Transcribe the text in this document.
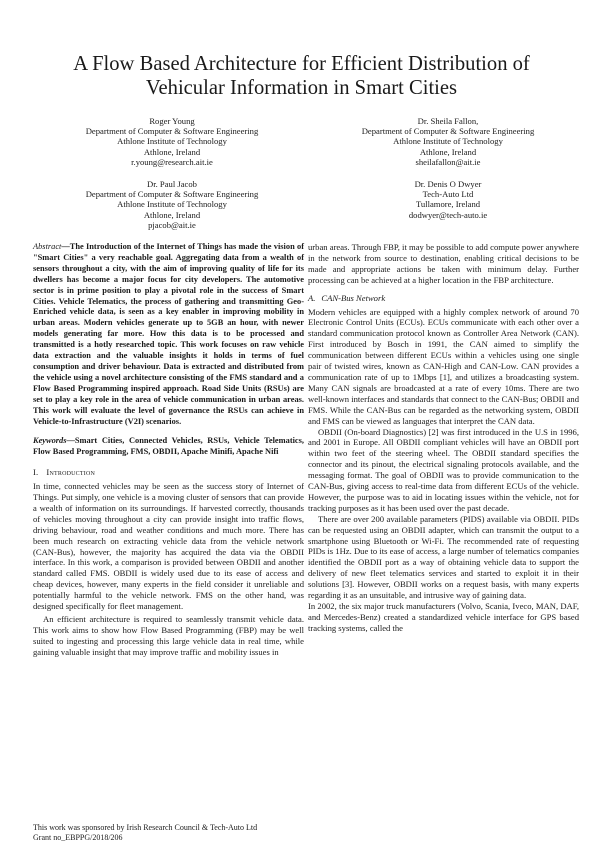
A Flow Based Architecture for Efficient Distribution of
Vehicular Information in Smart Cities
Roger Young
Department of Computer & Software Engineering
Athlone Institute of Technology
Athlone, Ireland
r.young@research.ait.ie
Dr. Sheila Fallon,
Department of Computer & Software Engineering
Athlone Institute of Technology
Athlone, Ireland
sheilafallon@ait.ie
Dr. Paul Jacob
Department of Computer & Software Engineering
Athlone Institute of Technology
Athlone, Ireland
pjacob@ait.ie
Dr. Denis O Dwyer
Tech-Auto Ltd
Tullamore, Ireland
dodwyer@tech-auto.ie

Abstract—The Introduction of the Internet of Things has made the vision of "Smart Cities" a very reachable goal. Aggregating data from a wealth of sensors throughout a city, with the aim of improving quality of life for its dwellers has become a major focus for city developers. The automotive sector is in prime position to play a pivotal role in the success of Smart Cities. Vehicle Telematics, the process of gathering and transmitting Geo-Enriched vehicle data, is seen as a key enabler in improving mobility in urban areas. Modern vehicles generate up to 5GB an hour, with newer models generating far more. How this data is to be processed and transmitted is a hotly researched topic. This work focuses on raw vehicle data extraction and the valuable insights it holds in terms of fuel consumption and driver behaviour. Data is extracted and distributed from the vehicle using a novel architecture consisting of the FMS standard and a Flow Based Programming inspired approach. Road Side Units (RSUs) are set to play a key role in the area of vehicle communication in urban areas. This work will evaluate the level of governance the RSUs can achieve in Vehicle-to-Infrastructure (V2I) scenarios.

Keywords—Smart Cities, Connected Vehicles, RSUs, Vehicle Telematics, Flow Based Programming, FMS, OBDII, Apache Minifi, Apache Nifi

I. Introduction

In time, connected vehicles may be seen as the success story of Internet of Things. Put simply, one vehicle is a moving cluster of sensors that can provide a wealth of information on its surroundings. If harvested correctly, thousands of vehicles moving throughout a city can provide insight into traffic flows, driving behaviour, road and weather conditions and much more. There has been much research on extracting vehicle data from the vehicle network (CAN-Bus), however, the majority has acquired the data via the OBDII interface. In this work, a comparison is provided between OBDII and another standard called FMS. OBDII is widely used due to its ease of access and cheap devices, however, many experts in the field consider it unreliable and potentially harmful to the vehicle network. FMS on the other hand, was designed specifically for fleet management.

An efficient architecture is required to seamlessly transmit vehicle data. This work aims to show how Flow Based Programming (FBP) may be well suited to ingesting and processing this large vehicle data in real time, while gaining valuable insight that may improve traffic and mobility issues in

urban areas. Through FBP, it may be possible to add compute power anywhere in the network from source to destination, enabling critical decisions to be made and appropriate actions be taken with minimum delay. Further processing can be achieved at a higher location in the FBP architecture.

A. CAN-Bus Network

Modern vehicles are equipped with a highly complex network of around 70 Electronic Control Units (ECUs). ECUs communicate with each other over a standard communication protocol known as Controller Area Network (CAN). First introduced by Bosch in 1991, the CAN aimed to simplify the communication between different ECUs within a vehicles using one single pair of twisted wires, known as CAN-High and CAN-Low. CAN provides a communication rate of up to 1Mbps [1], and utilizes a broadcasting system. Many CAN signals are broadcasted at a rate of every 10ms. There are two well-known interfaces and standards that connect to the CAN-Bus; OBDII and FMS. While the CAN-Bus can be regarded as the networking system, OBDII and FMS can be viewed as languages that interpret the CAN data.

OBDII (On-board Diagnostics) [2] was first introduced in the U.S in 1996, and 2001 in Europe. All OBDII compliant vehicles will have an OBDII port within two feet of the steering wheel. The OBDII standard specifies the connector and its pinout, the electrical signaling protocols available, and the messaging format. The goal of OBDII was to provide communication to the CAN-Bus, giving access to real-time data from different ECUs of the vehicle. However, the purpose was to aid in locating issues within the vehicle, not for tracking purposes as it has been used over the past decade.

There are over 200 available parameters (PIDS) available via OBDII. PIDs can be requested using an OBDII adapter, which can transmit the output to a smartphone using Bluetooth or Wi-Fi. The recommended rate of requesting PIDs is 1Hz. Due to its ease of access, a large number of telematics companies identified the OBDII port as a way of obtaining vehicle data to support the delivery of new fleet telematics services and started to exploit it in their solutions [3]. However, OBDII works on a request basis, with many experts regarding it as an unsuitable, and intrusive way of gaining data.

In 2002, the six major truck manufacturers (Volvo, Scania, Iveco, MAN, DAF, and Mercedes-Benz) created a standardized vehicle interface for GPS based tracking systems, called the

This work was sponsored by Irish Research Council & Tech-Auto Ltd
Grant no_EBPPG/2018/206
